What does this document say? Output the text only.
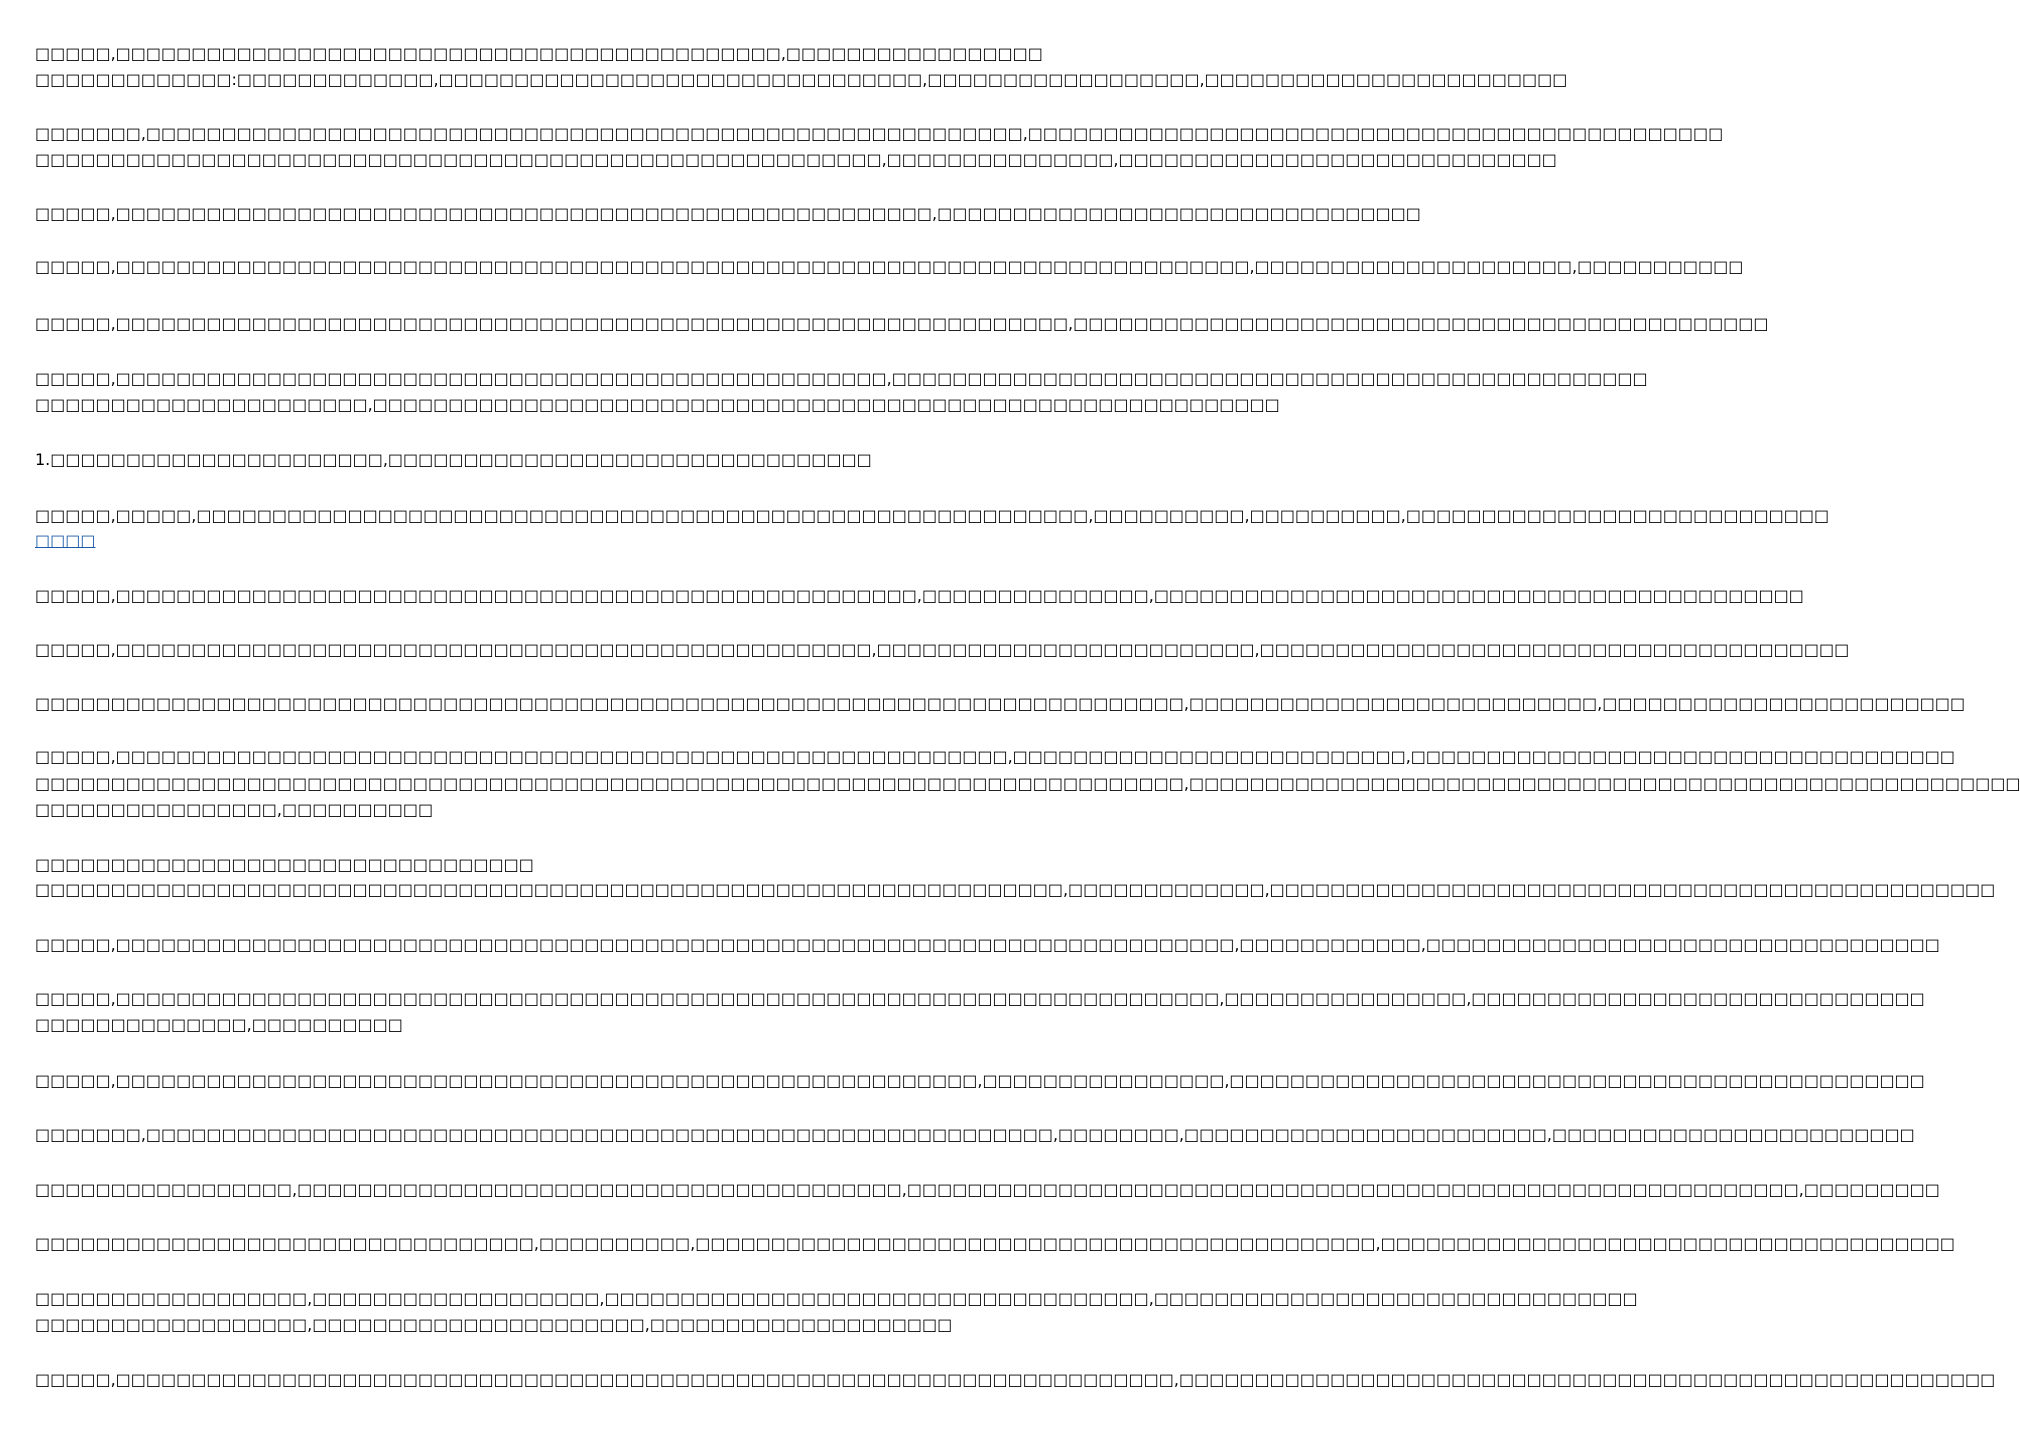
□□□□□,□□□□□□□□□□□□□□□□□□□□□□□□□□□□□□□□□□□□□□□□□□□□,□□□□□□□□□□□□□□□□□
□□□□□□□□□□□□□:□□□□□□□□□□□□□,□□□□□□□□□□□□□□□□□□□□□□□□□□□□□□□□,□□□□□□□□□□□□□□□□□□,□□□□□□□□□□□□□□□□□□□□□□□□
□□□□□□□,□□□□□□□□□□□□□□□□□□□□□□□□□□□□□□□□□□□□□□□□□□□□□□□□□□□□□□□□□□,□□□□□□□□□□□□□□□□□□□□□□□□□□□□□□□□□□□□□□□□□□□□□□
□□□□□□□□□□□□□□□□□□□□□□□□□□□□□□□□□□□□□□□□□□□□□□□□□□□□□□□□,□□□□□□□□□□□□□□□,□□□□□□□□□□□□□□□□□□□□□□□□□□□□□
□□□□□,□□□□□□□□□□□□□□□□□□□□□□□□□□□□□□□□□□□□□□□□□□□□□□□□□□□□□□,□□□□□□□□□□□□□□□□□□□□□□□□□□□□□□□□
□□□□□,□□□□□□□□□□□□□□□□□□□□□□□□□□□□□□□□□□□□□□□□□□□□□□□□□□□□□□□□□□□□□□□□□□□□□□□□□□□,□□□□□□□□□□□□□□□□□□□□□,□□□□□□□□□□□
□□□□□,□□□□□□□□□□□□□□□□□□□□□□□□□□□□□□□□□□□□□□□□□□□□□□□□□□□□□□□□□□□□□□□,□□□□□□□□□□□□□□□□□□□□□□□□□□□□□□□□□□□□□□□□□□□□□□
□□□□□,□□□□□□□□□□□□□□□□□□□□□□□□□□□□□□□□□□□□□□□□□□□□□□□□□□□,□□□□□□□□□□□□□□□□□□□□□□□□□□□□□□□□□□□□□□□□□□□□□□□□□□
□□□□□□□□□□□□□□□□□□□□□□,□□□□□□□□□□□□□□□□□□□□□□□□□□□□□□□□□□□□□□□□□□□□□□□□□□□□□□□□□□□□
1.□□□□□□□□□□□□□□□□□□□□□□,□□□□□□□□□□□□□□□□□□□□□□□□□□□□□□□□
□□□□□,□□□□□,□□□□□□□□□□□□□□□□□□□□□□□□□□□□□□□□□□□□□□□□□□□□□□□□□□□□□□□□□□□,□□□□□□□□□□,□□□□□□□□□□,□□□□□□□□□□□□□□□□□□□□□□□□□□□□
□□□□
□□□□□,□□□□□□□□□□□□□□□□□□□□□□□□□□□□□□□□□□□□□□□□□□□□□□□□□□□□□,□□□□□□□□□□□□□□□,□□□□□□□□□□□□□□□□□□□□□□□□□□□□□□□□□□□□□□□□□□□
□□□□□,□□□□□□□□□□□□□□□□□□□□□□□□□□□□□□□□□□□□□□□□□□□□□□□□□□,□□□□□□□□□□□□□□□□□□□□□□□□□,□□□□□□□□□□□□□□□□□□□□□□□□□□□□□□□□□□□□□□□
□□□□□□□□□□□□□□□□□□□□□□□□□□□□□□□□□□□□□□□□□□□□□□□□□□□□□□□□□□□□□□□□□□□□□□□□□□□□,□□□□□□□□□□□□□□□□□□□□□□□□□□□,□□□□□□□□□□□□□□□□□□□□□□□□
□□□□□,□□□□□□□□□□□□□□□□□□□□□□□□□□□□□□□□□□□□□□□□□□□□□□□□□□□□□□□□□□□,□□□□□□□□□□□□□□□□□□□□□□□□□□,□□□□□□□□□□□□□□□□□□□□□□□□□□□□□□□□□□□□
□□□□□□□□□□□□□□□□□□□□□□□□□□□□□□□□□□□□□□□□□□□□□□□□□□□□□□□□□□□□□□□□□□□□□□□□□□□□,□□□□□□□□□□□□□□□□□□□□□□□□□□□□□□□□□□□□□□□□□□□□□□□□□□□□□□□
□□□□□□□□□□□□□□□□,□□□□□□□□□□
□□□□□□□□□□□□□□□□□□□□□□□□□□□□□□□□□
□□□□□□□□□□□□□□□□□□□□□□□□□□□□□□□□□□□□□□□□□□□□□□□□□□□□□□□□□□□□□□□□□□□□,□□□□□□□□□□□□□,□□□□□□□□□□□□□□□□□□□□□□□□□□□□□□□□□□□□□□□□□□□□□□□□
□□□□□,□□□□□□□□□□□□□□□□□□□□□□□□□□□□□□□□□□□□□□□□□□□□□□□□□□□□□□□□□□□□□□□□□□□□□□□□□□,□□□□□□□□□□□□,□□□□□□□□□□□□□□□□□□□□□□□□□□□□□□□□□□
□□□□□,□□□□□□□□□□□□□□□□□□□□□□□□□□□□□□□□□□□□□□□□□□□□□□□□□□□□□□□□□□□□□□□□□□□□□□□□□,□□□□□□□□□□□□□□□□,□□□□□□□□□□□□□□□□□□□□□□□□□□□□□□
□□□□□□□□□□□□□□,□□□□□□□□□□
□□□□□,□□□□□□□□□□□□□□□□□□□□□□□□□□□□□□□□□□□□□□□□□□□□□□□□□□□□□□□□□,□□□□□□□□□□□□□□□□,□□□□□□□□□□□□□□□□□□□□□□□□□□□□□□□□□□□□□□□□□□□□□□
□□□□□□□,□□□□□□□□□□□□□□□□□□□□□□□□□□□□□□□□□□□□□□□□□□□□□□□□□□□□□□□□□□□□,□□□□□□□□,□□□□□□□□□□□□□□□□□□□□□□□□,□□□□□□□□□□□□□□□□□□□□□□□□
□□□□□□□□□□□□□□□□□,□□□□□□□□□□□□□□□□□□□□□□□□□□□□□□□□□□□□□□□□,□□□□□□□□□□□□□□□□□□□□□□□□□□□□□□□□□□□□□□□□□□□□□□□□□□□□□□□□□□□,□□□□□□□□□
□□□□□□□□□□□□□□□□□□□□□□□□□□□□□□□□□,□□□□□□□□□□,□□□□□□□□□□□□□□□□□□□□□□□□□□□□□□□□□□□□□□□□□□□□□,□□□□□□□□□□□□□□□□□□□□□□□□□□□□□□□□□□□□□□
□□□□□□□□□□□□□□□□□□,□□□□□□□□□□□□□□□□□□□,□□□□□□□□□□□□□□□□□□□□□□□□□□□□□□□□□□□□,□□□□□□□□□□□□□□□□□□□□□□□□□□□□□□□□
□□□□□□□□□□□□□□□□□□,□□□□□□□□□□□□□□□□□□□□□□,□□□□□□□□□□□□□□□□□□□□
□□□□□,□□□□□□□□□□□□□□□□□□□□□□□□□□□□□□□□□□□□□□□□□□□□□□□□□□□□□□□□□□□□□□□□□□□□□□,□□□□□□□□□□□□□□□□□□□□□□□□□□□□□□□□□□□□□□□□□□□□□□□□□□□□□□
